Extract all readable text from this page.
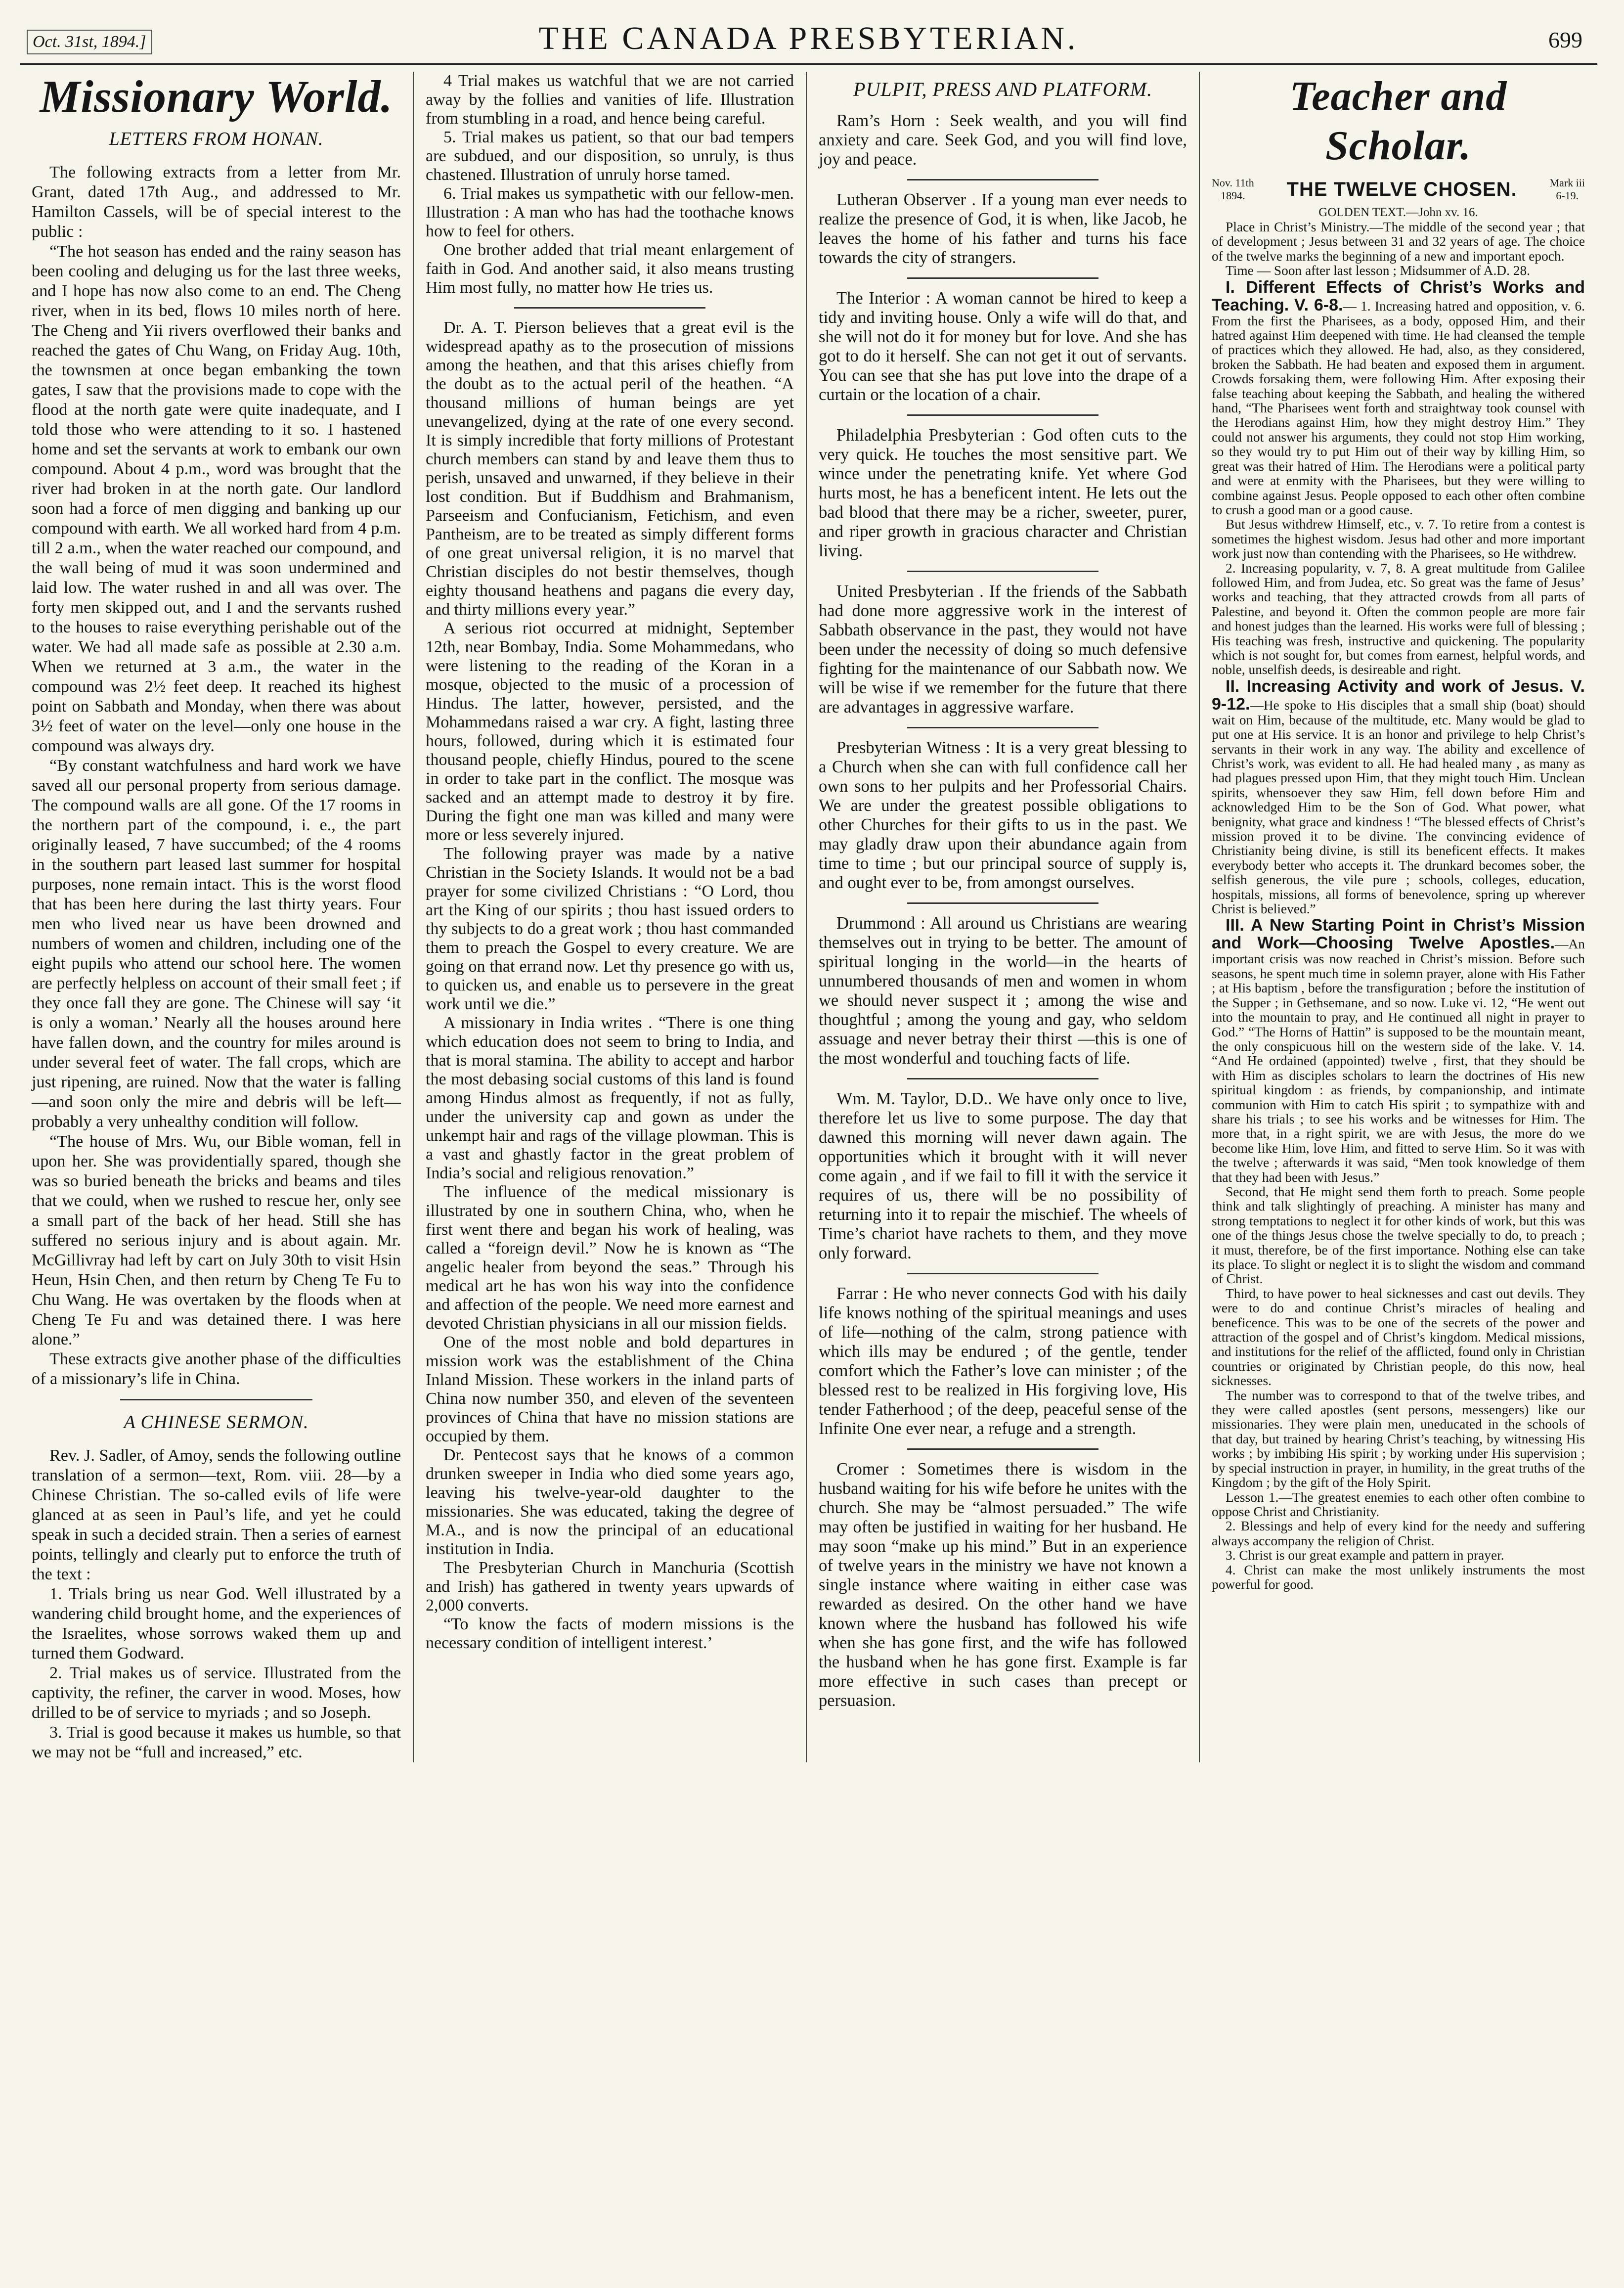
Oct. 31st, 1894.]	THE CANADA PRESBYTERIAN.	699
Missionary World.
LETTERS FROM HONAN.

The following extracts from a letter from Mr. Grant, dated 17th Aug., and addressed to Mr. Hamilton Cassels, will be of special interest to the public :

“The hot season has ended and the rainy season has been cooling and deluging us for the last three weeks, and I hope has now also come to an end. The Cheng river, when in its bed, flows 10 miles north of here. The Cheng and Yii rivers overflowed their banks and reached the gates of Chu Wang, on Friday Aug. 10th, the townsmen at once began embanking the town gates, I saw that the provisions made to cope with the flood at the north gate were quite inadequate, and I told those who were attending to it so. I hastened home and set the servants at work to embank our own compound. About 4 p.m., word was brought that the river had broken in at the north gate. Our landlord soon had a force of men digging and banking up our compound with earth. We all worked hard from 4 p.m. till 2 a.m., when the water reached our compound, and the wall being of mud it was soon undermined and laid low. The water rushed in and all was over. The forty men skipped out, and I and the servants rushed to the houses to raise everything perishable out of the water. We had all made safe as possible at 2.30 a.m. When we returned at 3 a.m., the water in the compound was 2½ feet deep. It reached its highest point on Sabbath and Monday, when there was about 3½ feet of water on the level—only one house in the compound was always dry.

“By constant watchfulness and hard work we have saved all our personal property from serious damage. The compound walls are all gone. Of the 17 rooms in the northern part of the compound, i. e., the part originally leased, 7 have succumbed; of the 4 rooms in the southern part leased last summer for hospital purposes, none remain intact. This is the worst flood that has been here during the last thirty years. Four men who lived near us have been drowned and numbers of women and children, including one of the eight pupils who attend our school here. The women are perfectly helpless on account of their small feet ; if they once fall they are gone. The Chinese will say ‘it is only a woman.’ Nearly all the houses around here have fallen down, and the country for miles around is under several feet of water. The fall crops, which are just ripening, are ruined. Now that the water is falling—and soon only the mire and debris will be left—probably a very unhealthy condition will follow.

“The house of Mrs. Wu, our Bible woman, fell in upon her. She was providentially spared, though she was so buried beneath the bricks and beams and tiles that we could, when we rushed to rescue her, only see a small part of the back of her head. Still she has suffered no serious injury and is about again. Mr. McGillivray had left by cart on July 30th to visit Hsin Heun, Hsin Chen, and then return by Cheng Te Fu to Chu Wang. He was overtaken by the floods when at Cheng Te Fu and was detained there. I was here alone.”

These extracts give another phase of the difficulties of a missionary’s life in China.

A CHINESE SERMON.

Rev. J. Sadler, of Amoy, sends the following outline translation of a sermon—text, Rom. viii. 28—by a Chinese Christian. The so-called evils of life were glanced at as seen in Paul’s life, and yet he could speak in such a decided strain. Then a series of earnest points, tellingly and clearly put to enforce the truth of the text :

1. Trials bring us near God. Well illustrated by a wandering child brought home, and the experiences of the Israelites, whose sorrows waked them up and turned them Godward.

2. Trial makes us of service. Illustrated from the captivity, the refiner, the carver in wood. Moses, how drilled to be of service to myriads ; and so Joseph.

3. Trial is good because it makes us humble, so that we may not be “full and increased,” etc.

4 Trial makes us watchful that we are not carried away by the follies and vanities of life. Illustration from stumbling in a road, and hence being careful.

5. Trial makes us patient, so that our bad tempers are subdued, and our disposition, so unruly, is thus chastened. Illustration of unruly horse tamed.

6. Trial makes us sympathetic with our fellow-men. Illustration : A man who has had the toothache knows how to feel for others.

One brother added that trial meant enlargement of faith in God. And another said, it also means trusting Him most fully, no matter how He tries us.

Dr. A. T. Pierson believes that a great evil is the widespread apathy as to the prosecution of missions among the heathen, and that this arises chiefly from the doubt as to the actual peril of the heathen. “A thousand millions of human beings are yet unevangelized, dying at the rate of one every second. It is simply incredible that forty millions of Protestant church members can stand by and leave them thus to perish, unsaved and unwarned, if they believe in their lost condition. But if Buddhism and Brahmanism, Parseeism and Confucianism, Fetichism, and even Pantheism, are to be treated as simply different forms of one great universal religion, it is no marvel that Christian disciples do not bestir themselves, though eighty thousand heathens and pagans die every day, and thirty millions every year.”

A serious riot occurred at midnight, September 12th, near Bombay, India. Some Mohammedans, who were listening to the reading of the Koran in a mosque, objected to the music of a procession of Hindus. The latter, however, persisted, and the Mohammedans raised a war cry. A fight, lasting three hours, followed, during which it is estimated four thousand people, chiefly Hindus, poured to the scene in order to take part in the conflict. The mosque was sacked and an attempt made to destroy it by fire. During the fight one man was killed and many were more or less severely injured.

The following prayer was made by a native Christian in the Society Islands. It would not be a bad prayer for some civilized Christians : “O Lord, thou art the King of our spirits ; thou hast issued orders to thy subjects to do a great work ; thou hast commanded them to preach the Gospel to every creature. We are going on that errand now. Let thy presence go with us, to quicken us, and enable us to persevere in the great work until we die.”

A missionary in India writes . “There is one thing which education does not seem to bring to India, and that is moral stamina. The ability to accept and harbor the most debasing social customs of this land is found among Hindus almost as frequently, if not as fully, under the university cap and gown as under the unkempt hair and rags of the village plowman. This is a vast and ghastly factor in the great problem of India’s social and religious renovation.”

The influence of the medical missionary is illustrated by one in southern China, who, when he first went there and began his work of healing, was called a “foreign devil.” Now he is known as “The angelic healer from beyond the seas.” Through his medical art he has won his way into the confidence and affection of the people. We need more earnest and devoted Christian physicians in all our mission fields.

One of the most noble and bold departures in mission work was the establishment of the China Inland Mission. These workers in the inland parts of China now number 350, and eleven of the seventeen provinces of China that have no mission stations are occupied by them.

Dr. Pentecost says that he knows of a common drunken sweeper in India who died some years ago, leaving his twelve-year-old daughter to the missionaries. She was educated, taking the degree of M.A., and is now the principal of an educational institution in India.

The Presbyterian Church in Manchuria (Scottish and Irish) has gathered in twenty years upwards of 2,000 converts.

“To know the facts of modern missions is the necessary condition of intelligent interest.’

PULPIT, PRESS AND PLATFORM.

Ram’s Horn : Seek wealth, and you will find anxiety and care. Seek God, and you will find love, joy and peace.

Lutheran Observer . If a young man ever needs to realize the presence of God, it is when, like Jacob, he leaves the home of his father and turns his face towards the city of strangers.

The Interior : A woman cannot be hired to keep a tidy and inviting house. Only a wife will do that, and she will not do it for money but for love. And she has got to do it herself. She can not get it out of servants. You can see that she has put love into the drape of a curtain or the location of a chair.

Philadelphia Presbyterian : God often cuts to the very quick. He touches the most sensitive part. We wince under the penetrating knife. Yet where God hurts most, he has a beneficent intent. He lets out the bad blood that there may be a richer, sweeter, purer, and riper growth in gracious character and Christian living.

United Presbyterian . If the friends of the Sabbath had done more aggressive work in the interest of Sabbath observance in the past, they would not have been under the necessity of doing so much defensive fighting for the maintenance of our Sabbath now. We will be wise if we remember for the future that there are advantages in aggressive warfare.

Presbyterian Witness : It is a very great blessing to a Church when she can with full confidence call her own sons to her pulpits and her Professorial Chairs. We are under the greatest possible obligations to other Churches for their gifts to us in the past. We may gladly draw upon their abundance again from time to time ; but our principal source of supply is, and ought ever to be, from amongst ourselves.

Drummond : All around us Christians are wearing themselves out in trying to be better. The amount of spiritual longing in the world—in the hearts of unnumbered thousands of men and women in whom we should never suspect it ; among the wise and thoughtful ; among the young and gay, who seldom assuage and never betray their thirst —this is one of the most wonderful and touching facts of life.

Wm. M. Taylor, D.D.. We have only once to live, therefore let us live to some purpose. The day that dawned this morning will never dawn again. The opportunities which it brought with it will never come again , and if we fail to fill it with the service it requires of us, there will be no possibility of returning into it to repair the mischief. The wheels of Time’s chariot have rachets to them, and they move only forward.

Farrar : He who never connects God with his daily life knows nothing of the spiritual meanings and uses of life—nothing of the calm, strong patience with which ills may be endured ; of the gentle, tender comfort which the Father’s love can minister ; of the blessed rest to be realized in His forgiving love, His tender Fatherhood ; of the deep, peaceful sense of the Infinite One ever near, a refuge and a strength.

Cromer : Sometimes there is wisdom in the husband waiting for his wife before he unites with the church. She may be “almost persuaded.” The wife may often be justified in waiting for her husband. He may soon “make up his mind.” But in an experience of twelve years in the ministry we have not known a single instance where waiting in either case was rewarded as desired. On the other hand we have known where the husband has followed his wife when she has gone first, and the wife has followed the husband when he has gone first. Example is far more effective in such cases than precept or persuasion.

Teacher and Scholar.
Nov. 11th
1894.	THE TWELVE CHOSEN.	Mark iii
6-19.
GOLDEN TEXT.—John xv. 16.

Place in Christ’s Ministry.—The middle of the second year ; that of development ; Jesus between 31 and 32 years of age. The choice of the twelve marks the beginning of a new and important epoch.

Time — Soon after last lesson ; Midsummer of A.D. 28.

I. Different Effects of Christ’s Works and Teaching. V. 6-8.— 1. Increasing hatred and opposition, v. 6. From the first the Pharisees, as a body, opposed Him, and their hatred against Him deepened with time. He had cleansed the temple of practices which they allowed. He had, also, as they considered, broken the Sabbath. He had beaten and exposed them in argument. Crowds forsaking them, were following Him. After exposing their false teaching about keeping the Sabbath, and healing the withered hand, “The Pharisees went forth and straightway took counsel with the Herodians against Him, how they might destroy Him.” They could not answer his arguments, they could not stop Him working, so they would try to put Him out of their way by killing Him, so great was their hatred of Him. The Herodians were a political party and were at enmity with the Pharisees, but they were willing to combine against Jesus. People opposed to each other often combine to crush a good man or a good cause.

But Jesus withdrew Himself, etc., v. 7. To retire from a contest is sometimes the highest wisdom. Jesus had other and more important work just now than contending with the Pharisees, so He withdrew.

2. Increasing popularity, v. 7, 8. A great multitude from Galilee followed Him, and from Judea, etc. So great was the fame of Jesus’ works and teaching, that they attracted crowds from all parts of Palestine, and beyond it. Often the common people are more fair and honest judges than the learned. His works were full of blessing ; His teaching was fresh, instructive and quickening. The popularity which is not sought for, but comes from earnest, helpful words, and noble, unselfish deeds, is desireable and right.

II. Increasing Activity and work of Jesus. V. 9-12.—He spoke to His disciples that a small ship (boat) should wait on Him, because of the multitude, etc. Many would be glad to put one at His service. It is an honor and privilege to help Christ’s servants in their work in any way. The ability and excellence of Christ’s work, was evident to all. He had healed many , as many as had plagues pressed upon Him, that they might touch Him. Unclean spirits, whensoever they saw Him, fell down before Him and acknowledged Him to be the Son of God. What power, what benignity, what grace and kindness ! “The blessed effects of Christ’s mission proved it to be divine. The convincing evidence of Christianity being divine, is still its beneficent effects. It makes everybody better who accepts it. The drunkard becomes sober, the selfish generous, the vile pure ; schools, colleges, education, hospitals, missions, all forms of benevolence, spring up wherever Christ is believed.”

III. A New Starting Point in Christ’s Mission and Work—Choosing Twelve Apostles.—An important crisis was now reached in Christ’s mission. Before such seasons, he spent much time in solemn prayer, alone with His Father ; at His baptism , before the transfiguration ; before the institution of the Supper ; in Gethsemane, and so now. Luke vi. 12, “He went out into the mountain to pray, and He continued all night in prayer to God.” “The Horns of Hattin” is supposed to be the mountain meant, the only conspicuous hill on the western side of the lake. V. 14. “And He ordained (appointed) twelve , first, that they should be with Him as disciples scholars to learn the doctrines of His new spiritual kingdom : as friends, by companionship, and intimate communion with Him to catch His spirit ; to sympathize with and share his trials ; to see his works and be witnesses for Him. The more that, in a right spirit, we are with Jesus, the more do we become like Him, love Him, and fitted to serve Him. So it was with the twelve ; afterwards it was said, “Men took knowledge of them that they had been with Jesus.”

Second, that He might send them forth to preach. Some people think and talk slightingly of preaching. A minister has many and strong temptations to neglect it for other kinds of work, but this was one of the things Jesus chose the twelve specially to do, to preach ; it must, therefore, be of the first importance. Nothing else can take its place. To slight or neglect it is to slight the wisdom and command of Christ.

Third, to have power to heal sicknesses and cast out devils. They were to do and continue Christ’s miracles of healing and beneficence. This was to be one of the secrets of the power and attraction of the gospel and of Christ’s kingdom. Medical missions, and institutions for the relief of the afflicted, found only in Christian countries or originated by Christian people, do this now, heal sicknesses.

The number was to correspond to that of the twelve tribes, and they were called apostles (sent persons, messengers) like our missionaries. They were plain men, uneducated in the schools of that day, but trained by hearing Christ’s teaching, by witnessing His works ; by imbibing His spirit ; by working under His supervision ; by special instruction in prayer, in humility, in the great truths of the Kingdom ; by the gift of the Holy Spirit.

Lesson 1.—The greatest enemies to each other often combine to oppose Christ and Christianity.

2. Blessings and help of every kind for the needy and suffering always accompany the religion of Christ.

3. Christ is our great example and pattern in prayer.

4. Christ can make the most unlikely instruments the most powerful for good.
